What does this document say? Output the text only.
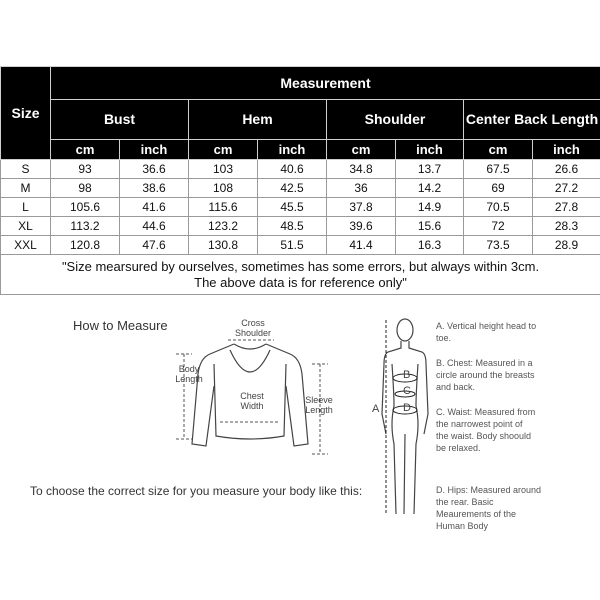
Size	Measurement							
	Bust		Hem		Shoulder		Center Back Length	
	cm	inch	cm	inch	cm	inch	cm	inch
S	93	36.6	103	40.6	34.8	13.7	67.5	26.6
M	98	38.6	108	42.5	36	14.2	69	27.2
L	105.6	41.6	115.6	45.5	37.8	14.9	70.5	27.8
XL	113.2	44.6	123.2	48.5	39.6	15.6	72	28.3
XXL	120.8	47.6	130.8	51.5	41.4	16.3	73.5	28.9

"Size mearsured by ourselves, sometimes has some errors, but always within 3cm.
The above data is for reference only"								
How to Measure	Cross Shoulder
Body Length
Chest Width
Sleeve Length
To choose the correct size for you measure your body like this:
A
B
C
D
A. Vertical height head to toe.
B. Chest: Measured in a circle around the breasts and back.
C. Waist: Measured from the narrowest point of the waist. Body shoould be relaxed.
D. Hips: Measured around the rear. Basic Meaurements of the Human Body
